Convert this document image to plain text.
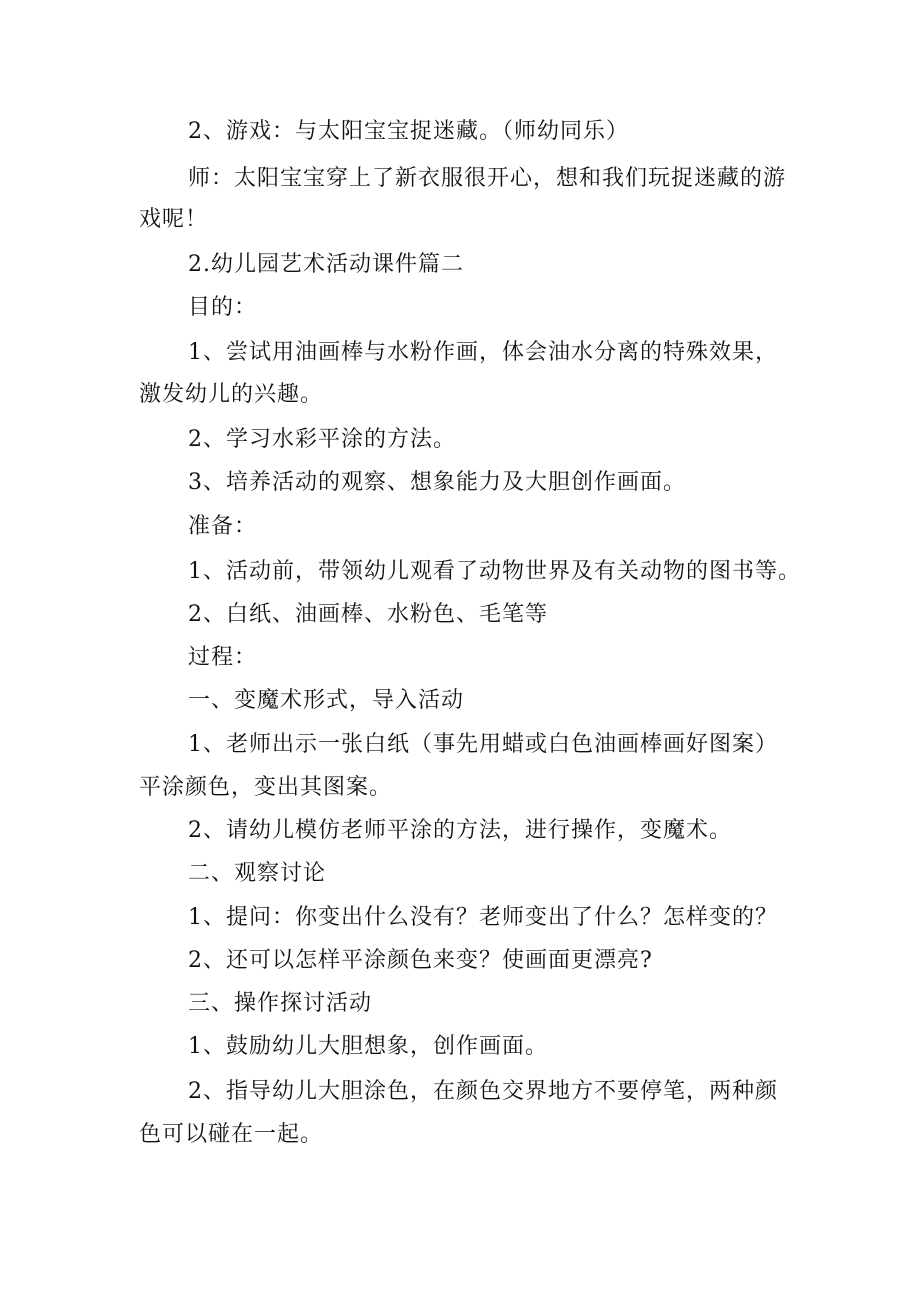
2、游戏：与太阳宝宝捉迷藏。（师幼同乐）
师：太阳宝宝穿上了新衣服很开心，想和我们玩捉迷藏的游
戏呢！
2.幼儿园艺术活动课件篇二
目的：
1、尝试用油画棒与水粉作画，体会油水分离的特殊效果，
激发幼儿的兴趣。
2、学习水彩平涂的方法。
3、培养活动的观察、想象能力及大胆创作画面。
准备：
1、活动前，带领幼儿观看了动物世界及有关动物的图书等。
2、白纸、油画棒、水粉色、毛笔等
过程：
一、变魔术形式，导入活动
1、老师出示一张白纸（事先用蜡或白色油画棒画好图案）
平涂颜色，变出其图案。
2、请幼儿模仿老师平涂的方法，进行操作，变魔术。
二、观察讨论
1、提问：你变出什么没有？老师变出了什么？怎样变的？
2、还可以怎样平涂颜色来变？使画面更漂亮?
三、操作探讨活动
1、鼓励幼儿大胆想象，创作画面。
2、指导幼儿大胆涂色，在颜色交界地方不要停笔，两种颜
色可以碰在一起。
